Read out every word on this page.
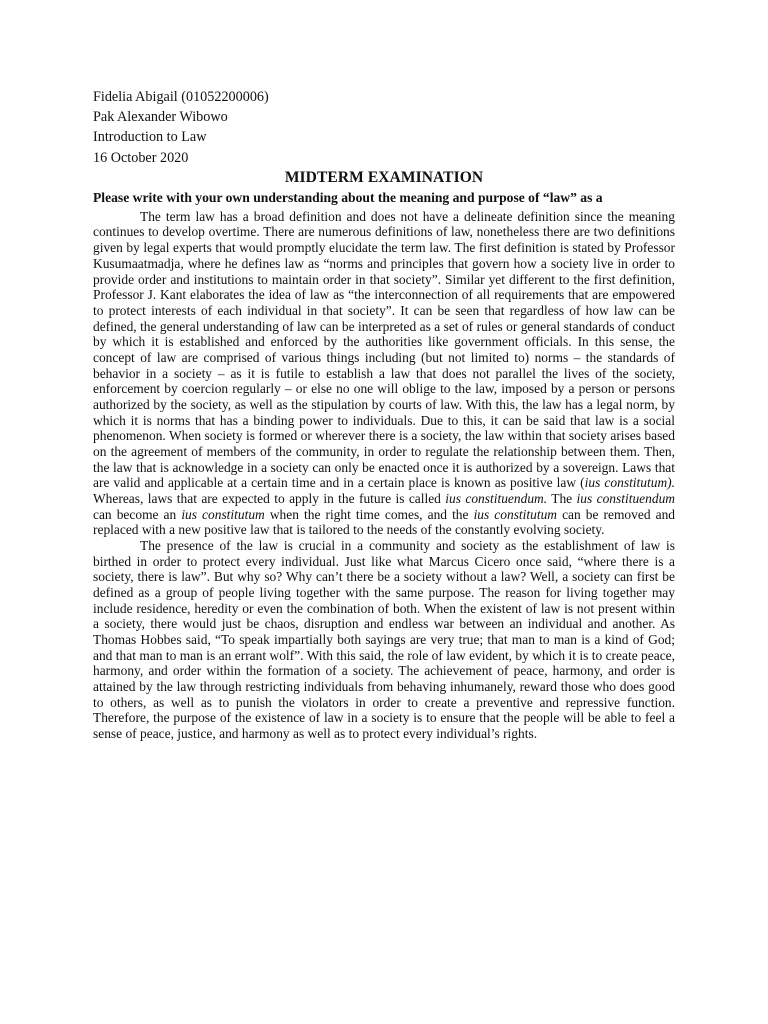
Fidelia Abigail (01052200006)

Pak Alexander Wibowo

Introduction to Law

16 October 2020

MIDTERM EXAMINATION

Please write with your own understanding about the meaning and purpose of “law” as a

The term law has a broad definition and does not have a delineate definition since the meaning continues to develop overtime. There are numerous definitions of law, nonetheless there are two definitions given by legal experts that would promptly elucidate the term law. The first definition is stated by Professor Kusumaatmadja, where he defines law as “norms and principles that govern how a society live in order to provide order and institutions to maintain order in that society”. Similar yet different to the first definition, Professor J. Kant elaborates the idea of law as “the interconnection of all requirements that are empowered to protect interests of each individual in that society”. It can be seen that regardless of how law can be defined, the general understanding of law can be interpreted as a set of rules or general standards of conduct by which it is established and enforced by the authorities like government officials. In this sense, the concept of law are comprised of various things including (but not limited to) norms – the standards of behavior in a society – as it is futile to establish a law that does not parallel the lives of the society, enforcement by coercion regularly – or else no one will oblige to the law, imposed by a person or persons authorized by the society, as well as the stipulation by courts of law. With this, the law has a legal norm, by which it is norms that has a binding power to individuals. Due to this, it can be said that law is a social phenomenon. When society is formed or wherever there is a society, the law within that society arises based on the agreement of members of the community, in order to regulate the relationship between them. Then, the law that is acknowledge in a society can only be enacted once it is authorized by a sovereign. Laws that are valid and applicable at a certain time and in a certain place is known as positive law (ius constitutum). Whereas, laws that are expected to apply in the future is called ius constituendum. The ius constituendum can become an ius constitutum when the right time comes, and the ius constitutum can be removed and replaced with a new positive law that is tailored to the needs of the constantly evolving society.

The presence of the law is crucial in a community and society as the establishment of law is birthed in order to protect every individual. Just like what Marcus Cicero once said, “where there is a society, there is law”. But why so? Why can’t there be a society without a law? Well, a society can first be defined as a group of people living together with the same purpose. The reason for living together may include residence, heredity or even the combination of both. When the existent of law is not present within a society, there would just be chaos, disruption and endless war between an individual and another. As Thomas Hobbes said, “To speak impartially both sayings are very true; that man to man is a kind of God; and that man to man is an errant wolf”. With this said, the role of law evident, by which it is to create peace, harmony, and order within the formation of a society. The achievement of peace, harmony, and order is attained by the law through restricting individuals from behaving inhumanely, reward those who does good to others, as well as to punish the violators in order to create a preventive and repressive function. Therefore, the purpose of the existence of law in a society is to ensure that the people will be able to feel a sense of peace, justice, and harmony as well as to protect every individual’s rights.
